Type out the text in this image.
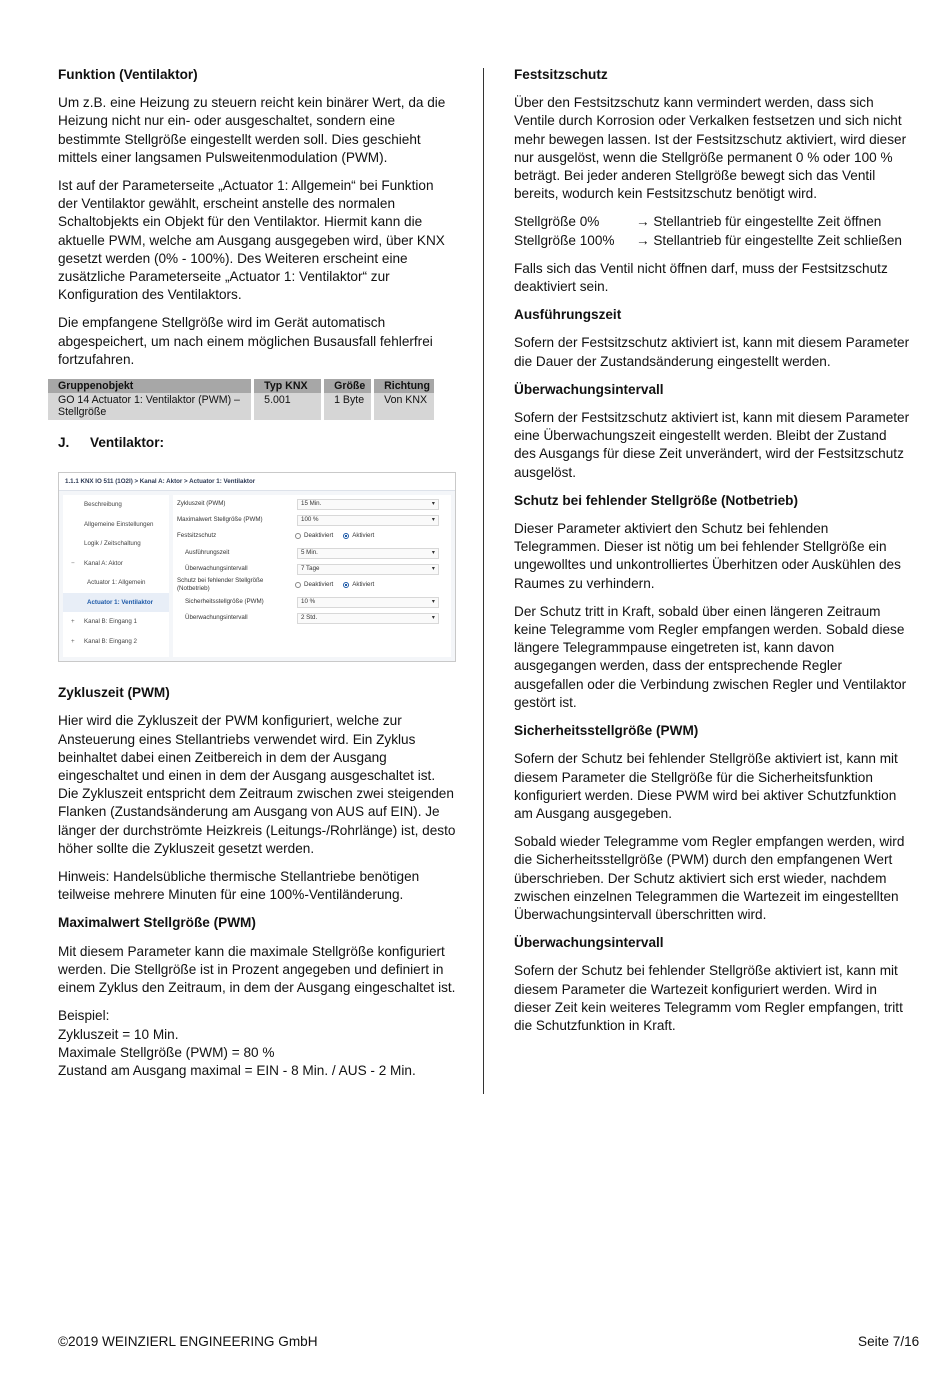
Funktion (Ventilaktor)

Um z.B. eine Heizung zu steuern reicht kein binärer Wert, da die Heizung nicht nur ein- oder ausgeschaltet, sondern eine bestimmte Stellgröße eingestellt werden soll. Dies geschieht mittels einer langsamen Pulsweitenmodulation (PWM).

Ist auf der Parameterseite „Actuator 1: Allgemein“ bei Funktion der Ventilaktor gewählt, erscheint anstelle des normalen Schaltobjekts ein Objekt für den Ventilaktor. Hiermit kann die aktuelle PWM, welche am Ausgang ausgegeben wird, über KNX gesetzt werden (0% - 100%). Des Weiteren erscheint eine zusätzliche Parameterseite „Actuator 1: Ventilaktor“ zur Konfiguration des Ventilaktors.

Die empfangene Stellgröße wird im Gerät automatisch abgespeichert, um nach einem möglichen Busausfall fehlerfrei fortzufahren.

Gruppenobjekt	Typ KNX	Größe	Richtung
GO 14 Actuator 1: Ventilaktor (PWM) – Stellgröße	5.001	1 Byte	Von KNX
J.	Ventilaktor:
1.1.1 KNX IO 511 (1O2I) > Kanal A: Aktor > Actuator 1: Ventilaktor
Beschreibung
Allgemeine Einstellungen
Logik / Zeitschaltung
− Kanal A: Aktor
Actuator 1: Allgemein
Actuator 1: Ventilaktor
+ Kanal B: Eingang 1
+ Kanal B: Eingang 2
Zykluszeit (PWM)	15 Min.	▾
Maximalwert Stellgröße (PWM)	100 %	▾
Festsitzschutz	Deaktiviert	Aktiviert
Ausführungszeit	5 Min.	▾
Überwachungsintervall	7 Tage	▾
Schutz bei fehlender Stellgröße (Notbetrieb)
Deaktiviert	Aktiviert
Sicherheitsstellgröße (PWM)	10 %	▾
Überwachungsintervall	2 Std.	▾
Zykluszeit (PWM)

Hier wird die Zykluszeit der PWM konfiguriert, welche zur Ansteuerung eines Stellantriebs verwendet wird. Ein Zyklus beinhaltet dabei einen Zeitbereich in dem der Ausgang eingeschaltet und einen in dem der Ausgang ausgeschaltet ist. Die Zykluszeit entspricht dem Zeitraum zwischen zwei steigenden Flanken (Zustandsänderung am Ausgang von AUS auf EIN). Je länger der durchströmte Heizkreis (Leitungs-/Rohrlänge) ist, desto höher sollte die Zykluszeit gesetzt werden.

Hinweis: Handelsübliche thermische Stellantriebe benötigen teilweise mehrere Minuten für eine 100%-Ventiländerung.

Maximalwert Stellgröße (PWM)

Mit diesem Parameter kann die maximale Stellgröße konfiguriert werden. Die Stellgröße ist in Prozent angegeben und definiert in einem Zyklus den Zeitraum, in dem der Ausgang eingeschaltet ist.

Beispiel:
Zykluszeit = 10 Min.
Maximale Stellgröße (PWM) = 80 %
Zustand am Ausgang maximal = EIN - 8 Min. / AUS - 2 Min.
Festsitzschutz

Über den Festsitzschutz kann vermindert werden, dass sich Ventile durch Korrosion oder Verkalken festsetzen und sich nicht mehr bewegen lassen. Ist der Festsitzschutz aktiviert, wird dieser nur ausgelöst, wenn die Stellgröße permanent 0 % oder 100 % beträgt. Bei jeder anderen Stellgröße bewegt sich das Ventil bereits, wodurch kein Festsitzschutz benötigt wird.

Stellgröße 0%	→ Stellantrieb für eingestellte Zeit öffnen
Stellgröße 100%	→ Stellantrieb für eingestellte Zeit schließen

Falls sich das Ventil nicht öffnen darf, muss der Festsitzschutz deaktiviert sein.

Ausführungszeit

Sofern der Festsitzschutz aktiviert ist, kann mit diesem Parameter die Dauer der Zustandsänderung eingestellt werden.

Überwachungsintervall

Sofern der Festsitzschutz aktiviert ist, kann mit diesem Parameter eine Überwachungszeit eingestellt werden. Bleibt der Zustand des Ausgangs für diese Zeit unverändert, wird der Festsitzschutz ausgelöst.

Schutz bei fehlender Stellgröße (Notbetrieb)

Dieser Parameter aktiviert den Schutz bei fehlenden Telegrammen. Dieser ist nötig um bei fehlender Stellgröße ein ungewolltes und unkontrolliertes Überhitzen oder Auskühlen des Raumes zu verhindern.

Der Schutz tritt in Kraft, sobald über einen längeren Zeitraum keine Telegramme vom Regler empfangen werden. Sobald diese längere Telegrammpause eingetreten ist, kann davon ausgegangen werden, dass der entsprechende Regler ausgefallen oder die Verbindung zwischen Regler und Ventilaktor gestört ist.

Sicherheitsstellgröße (PWM)

Sofern der Schutz bei fehlender Stellgröße aktiviert ist, kann mit diesem Parameter die Stellgröße für die Sicherheitsfunktion konfiguriert werden. Diese PWM wird bei aktiver Schutzfunktion am Ausgang ausgegeben.

Sobald wieder Telegramme vom Regler empfangen werden, wird die Sicherheitsstellgröße (PWM) durch den empfangenen Wert überschrieben. Der Schutz aktiviert sich erst wieder, nachdem zwischen einzelnen Telegrammen die Wartezeit im eingestellten Überwachungsintervall überschritten wird.

Überwachungsintervall

Sofern der Schutz bei fehlender Stellgröße aktiviert ist, kann mit diesem Parameter die Wartezeit konfiguriert werden. Wird in dieser Zeit kein weiteres Telegramm vom Regler empfangen, tritt die Schutzfunktion in Kraft.

©2019 WEINZIERL ENGINEERING GmbH	Seite 7/16
